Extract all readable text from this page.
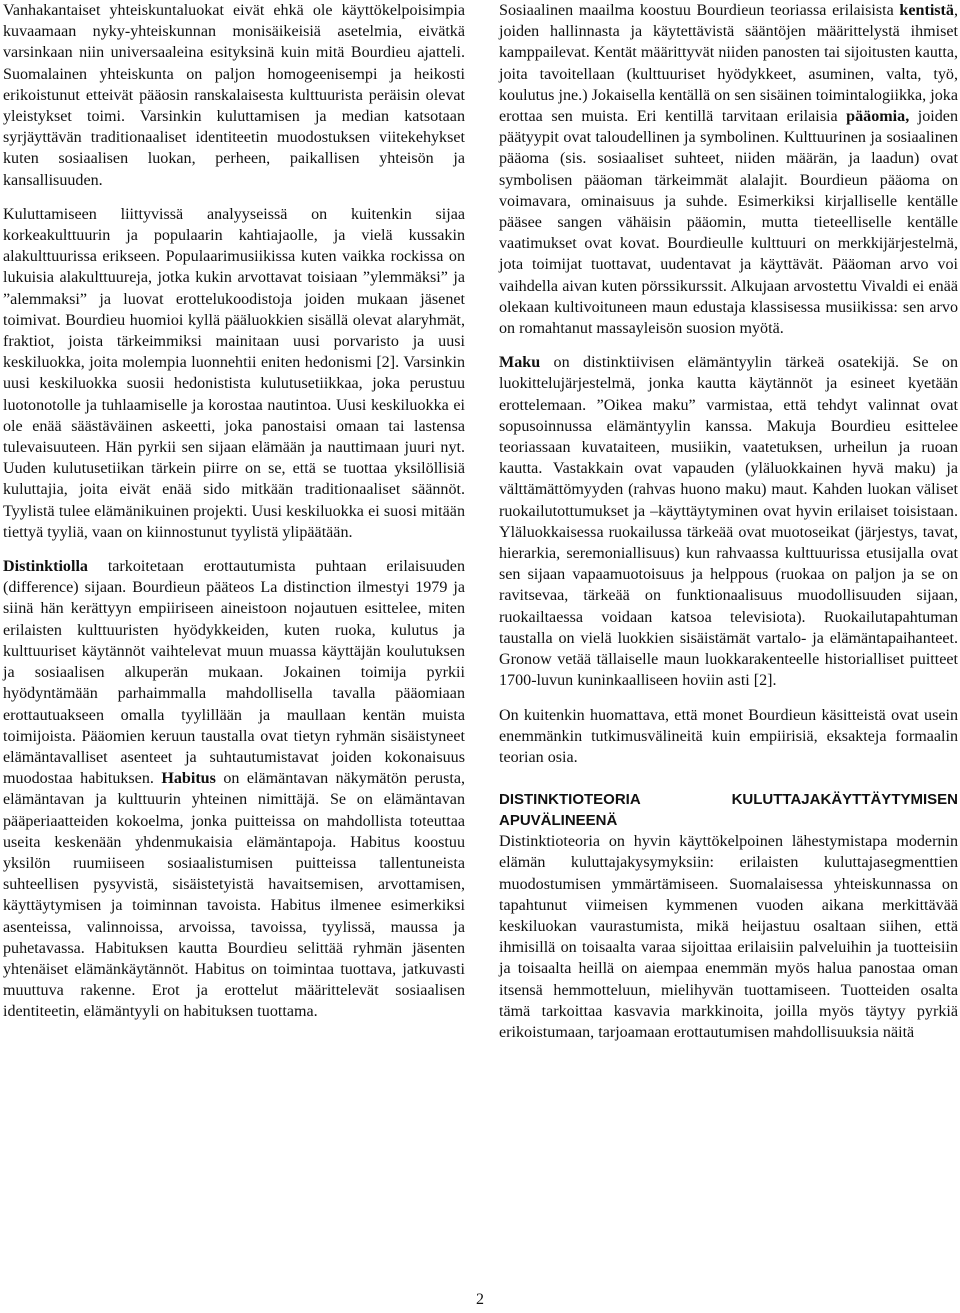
Vanhakantaiset yhteiskuntaluokat eivät ehkä ole käyttökelpoisimpia kuvaamaan nyky-yhteiskunnan monisäikeisiä asetelmia, eivätkä varsinkaan niin universaaleina esityksinä kuin mitä Bourdieu ajatteli. Suomalainen yhteiskunta on paljon homogeenisempi ja heikosti erikoistunut etteivät pääosin ranskalaisesta kulttuurista peräisin olevat yleistykset toimi. Varsinkin kuluttamisen ja median katsotaan syrjäyttävän traditionaaliset identiteetin muodostuksen viitekehykset kuten sosiaalisen luokan, perheen, paikallisen yhteisön ja kansallisuuden.

Kuluttamiseen liittyvissä analyyseissä on kuitenkin sijaa korkeakulttuurin ja populaarin kahtiajaolle, ja vielä kussakin alakulttuurissa erikseen. Populaarimusiikissa kuten vaikka rockissa on lukuisia alakulttuureja, jotka kukin arvottavat toisiaan ”ylemmäksi” ja ”alemmaksi” ja luovat erottelukoodistoja joiden mukaan jäsenet toimivat. Bourdieu huomioi kyllä pääluokkien sisällä olevat alaryhmät, fraktiot, joista tärkeimmiksi mainitaan uusi porvaristo ja uusi keskiluokka, joita molempia luonnehtii eniten hedonismi [2]. Varsinkin uusi keskiluokka suosii hedonistista kulutusetiikkaa, joka perustuu luotonotolle ja tuhlaamiselle ja korostaa nautintoa. Uusi keskiluokka ei ole enää säästäväinen askeetti, joka panostaisi omaan tai lastensa tulevaisuuteen. Hän pyrkii sen sijaan elämään ja nauttimaan juuri nyt. Uuden kulutusetiikan tärkein piirre on se, että se tuottaa yksilöllisiä kuluttajia, joita eivät enää sido mitkään traditionaaliset säännöt. Tyylistä tulee elämänikuinen projekti. Uusi keskiluokka ei suosi mitään tiettyä tyyliä, vaan on kiinnostunut tyylistä ylipäätään.

Distinktiolla tarkoitetaan erottautumista puhtaan erilaisuuden (difference) sijaan. Bourdieun pääteos La distinction ilmestyi 1979 ja siinä hän kerättyyn empiiriseen aineistoon nojautuen esittelee, miten erilaisten kulttuuristen hyödykkeiden, kuten ruoka, kulutus ja kulttuuriset käytännöt vaihtelevat muun muassa käyttäjän koulutuksen ja sosiaalisen alkuperän mukaan. Jokainen toimija pyrkii hyödyntämään parhaimmalla mahdollisella tavalla pääomiaan erottautuakseen omalla tyylillään ja maullaan kentän muista toimijoista. Pääomien keruun taustalla ovat tietyn ryhmän sisäistyneet elämäntavalliset asenteet ja suhtautumistavat joiden kokonaisuus muodostaa habituksen. Habitus on elämäntavan näkymätön perusta, elämäntavan ja kulttuurin yhteinen nimittäjä. Se on elämäntavan pääperiaatteiden kokoelma, jonka puitteissa on mahdollista toteuttaa useita keskenään yhdenmukaisia elämäntapoja. Habitus koostuu yksilön ruumiiseen sosiaalistumisen puitteissa tallentuneista suhteellisen pysyvistä, sisäistetyistä havaitsemisen, arvottamisen, käyttäytymisen ja toiminnan tavoista. Habitus ilmenee esimerkiksi asenteissa, valinnoissa, arvoissa, tavoissa, tyylissä, maussa ja puhetavassa. Habituksen kautta Bourdieu selittää ryhmän jäsenten yhtenäiset elämänkäytännöt. Habitus on toimintaa tuottava, jatkuvasti muuttuva rakenne. Erot ja erottelut määrittelevät sosiaalisen identiteetin, elämäntyyli on habituksen tuottama.

Sosiaalinen maailma koostuu Bourdieun teoriassa erilaisista kentistä, joiden hallinnasta ja käytettävistä sääntöjen määrittelystä ihmiset kamppailevat. Kentät määrittyvät niiden panosten tai sijoitusten kautta, joita tavoitellaan (kulttuuriset hyödykkeet, asuminen, valta, työ, koulutus jne.) Jokaisella kentällä on sen sisäinen toimintalogiikka, joka erottaa sen muista. Eri kentillä tarvitaan erilaisia pääomia, joiden päätyypit ovat taloudellinen ja symbolinen. Kulttuurinen ja sosiaalinen pääoma (sis. sosiaaliset suhteet, niiden määrän, ja laadun) ovat symbolisen pääoman tärkeimmät alalajit. Bourdieun pääoma on voimavara, ominaisuus ja suhde. Esimerkiksi kirjalliselle kentälle pääsee sangen vähäisin pääomin, mutta tieteelliselle kentälle vaatimukset ovat kovat. Bourdieulle kulttuuri on merkkijärjestelmä, jota toimijat tuottavat, uudentavat ja käyttävät. Pääoman arvo voi vaihdella aivan kuten pörssikurssit. Alkujaan arvostettu Vivaldi ei enää olekaan kultivoituneen maun edustaja klassisessa musiikissa: sen arvo on romahtanut massayleisön suosion myötä.

Maku on distinktiivisen elämäntyylin tärkeä osatekijä. Se on luokittelujärjestelmä, jonka kautta käytännöt ja esineet kyetään erottelemaan. ”Oikea maku” varmistaa, että tehdyt valinnat ovat sopusoinnussa elämäntyylin kanssa. Makuja Bourdieu esittelee teoriassaan kuvataiteen, musiikin, vaatetuksen, urheilun ja ruoan kautta. Vastakkain ovat vapauden (yläluokkainen hyvä maku) ja välttämättömyyden (rahvas huono maku) maut. Kahden luokan väliset ruokailutottumukset ja –käyttäytyminen ovat hyvin erilaiset toisistaan. Yläluokkaisessa ruokailussa tärkeää ovat muotoseikat (järjestys, tavat, hierarkia, seremoniallisuus) kun rahvaassa kulttuurissa etusijalla ovat sen sijaan vapaamuotoisuus ja helppous (ruokaa on paljon ja se on ravitsevaa, tärkeää on funktionaalisuus muodollisuuden sijaan, ruokailtaessa voidaan katsoa televisiota). Ruokailutapahtuman taustalla on vielä luokkien sisäistämät vartalo- ja elämäntapaihanteet. Gronow vetää tällaiselle maun luokkarakenteelle historialliset puitteet 1700-luvun kuninkaalliseen hoviin asti [2].

On kuitenkin huomattava, että monet Bourdieun käsitteistä ovat usein enemmänkin tutkimusvälineitä kuin empiirisiä, eksakteja formaalin teorian osia.

DISTINKTIOTEORIA KULUTTAJAKÄYTTÄYTYMISEN
APUVÄLINEENÄ

Distinktioteoria on hyvin käyttökelpoinen lähestymistapa modernin elämän kuluttajakysymyksiin: erilaisten kuluttajasegmenttien muodostumisen ymmärtämiseen. Suomalaisessa yhteiskunnassa on tapahtunut viimeisen kymmenen vuoden aikana merkittävää keskiluokan vaurastumista, mikä heijastuu osaltaan siihen, että ihmisillä on toisaalta varaa sijoittaa erilaisiin palveluihin ja tuotteisiin ja toisaalta heillä on aiempaa enemmän myös halua panostaa oman itsensä hemmotteluun, mielihyvän tuottamiseen. Tuotteiden osalta tämä tarkoittaa kasvavia markkinoita, joilla myös täytyy pyrkiä erikoistumaan, tarjoamaan erottautumisen mahdollisuuksia näitä

2
